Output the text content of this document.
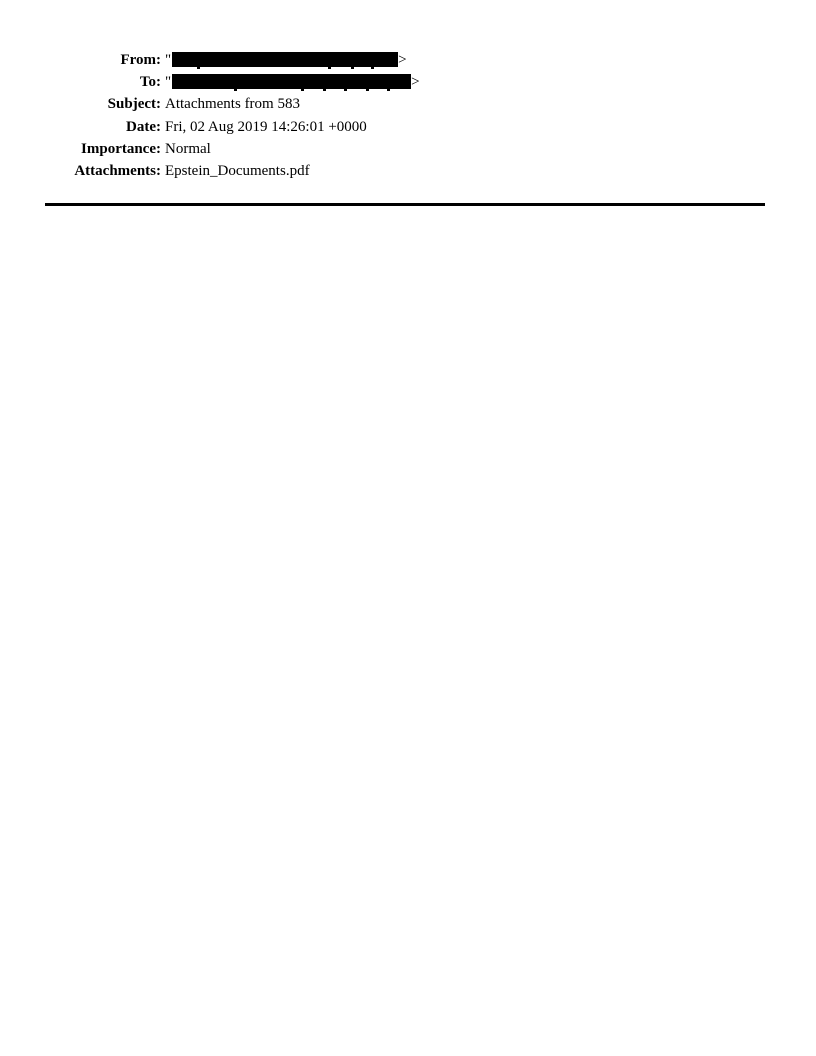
From: "	>
To: "	>
Subject: Attachments from 583
Date: Fri, 02 Aug 2019 14:26:01 +0000
Importance: Normal
Attachments: Epstein_Documents.pdf
